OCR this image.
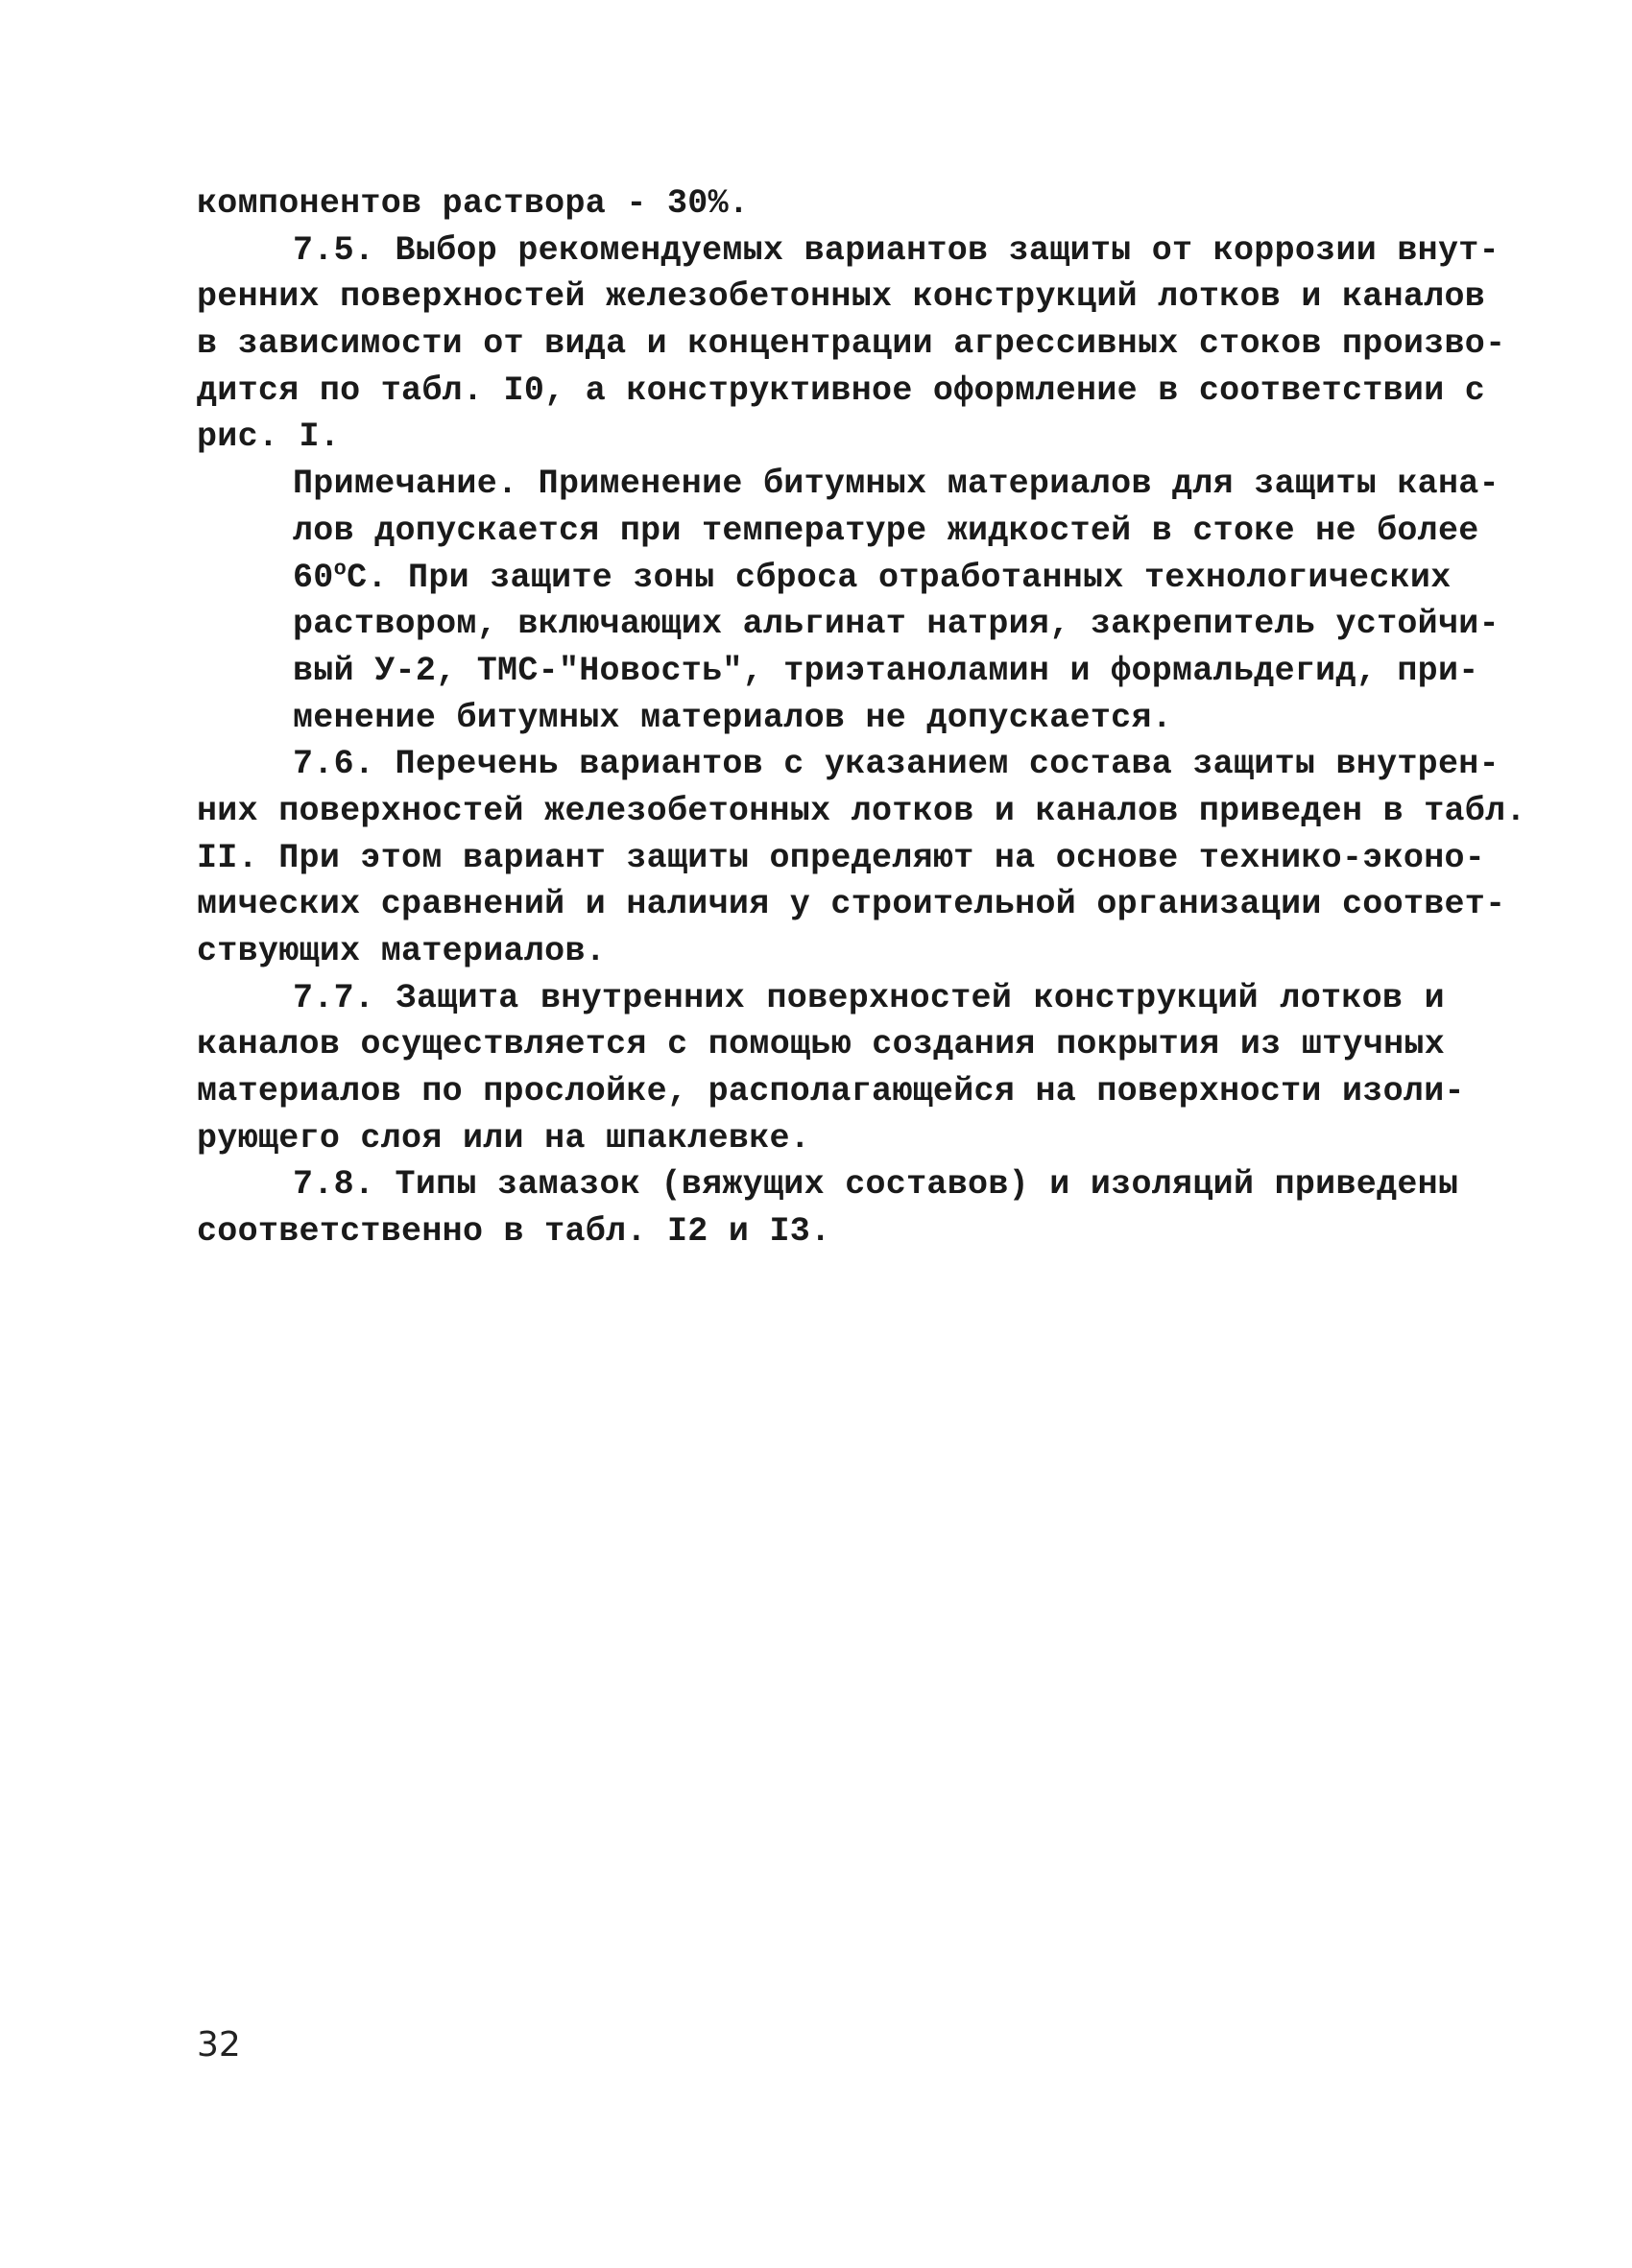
компонентов раствора - 30%.
7.5. Выбор рекомендуемых вариантов защиты от коррозии внут-
ренних поверхностей железобетонных конструкций лотков и каналов
в зависимости от вида и концентрации агрессивных стоков произво-
дится по табл. I0, а конструктивное оформление в соответствии с
рис. I.
Примечание. Применение битумных материалов для защиты кана-
лов допускается при температуре жидкостей в стоке не более
$60^оС$. При защите зоны сброса отработанных технологических
раствором, включающих альгинат натрия, закрепитель устойчи-
вый У-2, ТМС-"Новость", триэтаноламин и формальдегид, при-
менение битумных материалов не допускается.
7.6. Перечень вариантов с указанием состава защиты внутрен-
них поверхностей железобетонных лотков и каналов приведен в табл.
II. При этом вариант защиты определяют на основе технико-эконо-
мических сравнений и наличия у строительной организации соответ-
ствующих материалов.
7.7. Защита внутренних поверхностей конструкций лотков и
каналов осуществляется с помощью создания покрытия из штучных
материалов по прослойке, располагающейся на поверхности изоли-
рующего слоя или на шпаклевке.
7.8. Типы замазок (вяжущих составов) и изоляций приведены
соответственно в табл. I2 и I3.
32
